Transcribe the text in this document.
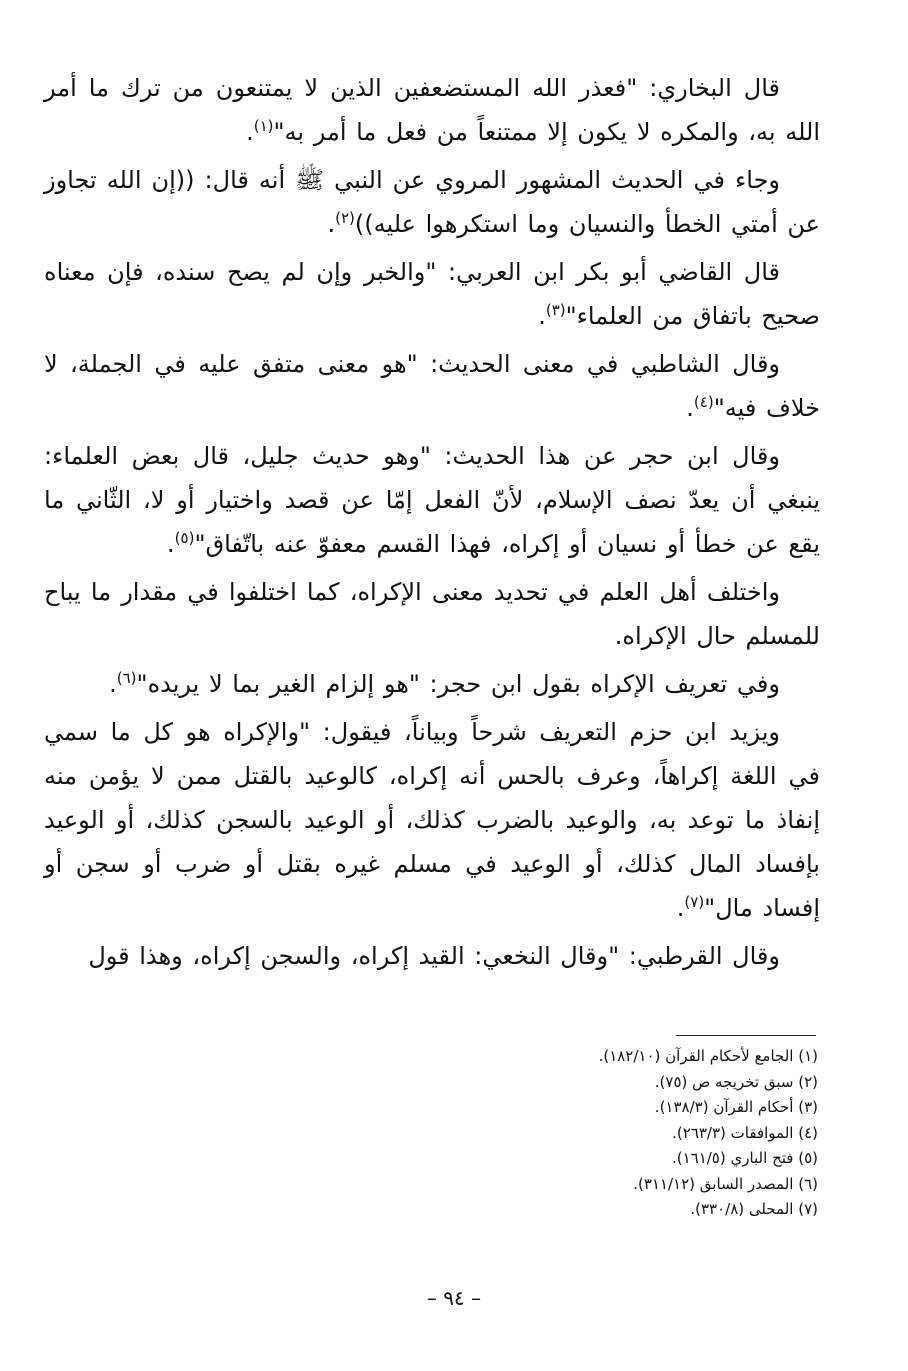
قال البخاري: "فعذر الله المستضعفين الذين لا يمتنعون من ترك ما أمر الله به، والمكره لا يكون إلا ممتنعاً من فعل ما أمر به"$^{(١)}$.

وجاء في الحديث المشهور المروي عن النبي ﷺ أنه قال: ((إن الله تجاوز عن أمتي الخطأ والنسيان وما استكرهوا عليه))$^{(٢)}$.

قال القاضي أبو بكر ابن العربي: "والخبر وإن لم يصح سنده، فإن معناه صحيح باتفاق من العلماء"$^{(٣)}$.

وقال الشاطبي في معنى الحديث: "هو معنى متفق عليه في الجملة، لا خلاف فيه"$^{(٤)}$.

وقال ابن حجر عن هذا الحديث: "وهو حديث جليل، قال بعض العلماء: ينبغي أن يعدّ نصف الإسلام، لأنّ الفعل إمّا عن قصد واختيار أو لا، الثّاني ما يقع عن خطأ أو نسيان أو إكراه، فهذا القسم معفوّ عنه باتّفاق"$^{(٥)}$.

واختلف أهل العلم في تحديد معنى الإكراه، كما اختلفوا في مقدار ما يباح للمسلم حال الإكراه.

وفي تعريف الإكراه بقول ابن حجر: "هو إلزام الغير بما لا يريده"$^{(٦)}$.

ويزيد ابن حزم التعريف شرحاً وبياناً، فيقول: "والإكراه هو كل ما سمي في اللغة إكراهاً، وعرف بالحس أنه إكراه، كالوعيد بالقتل ممن لا يؤمن منه إنفاذ ما توعد به، والوعيد بالضرب كذلك، أو الوعيد بالسجن كذلك، أو الوعيد بإفساد المال كذلك، أو الوعيد في مسلم غيره بقتل أو ضرب أو سجن أو إفساد مال"$^{(٧)}$.

وقال القرطبي: "وقال النخعي: القيد إكراه، والسجن إكراه، وهذا قول

(١) الجامع لأحكام القرآن (١٨٢/١٠).
(٢) سبق تخريجه ص (٧٥).
(٣) أحكام القرآن (١٣٨/٣).
(٤) الموافقات (٢٦٣/٣).
(٥) فتح الباري (١٦١/٥).
(٦) المصدر السابق (٣١١/١٢).
(٧) المحلى (٣٣٠/٨).
– ٩٤ –
